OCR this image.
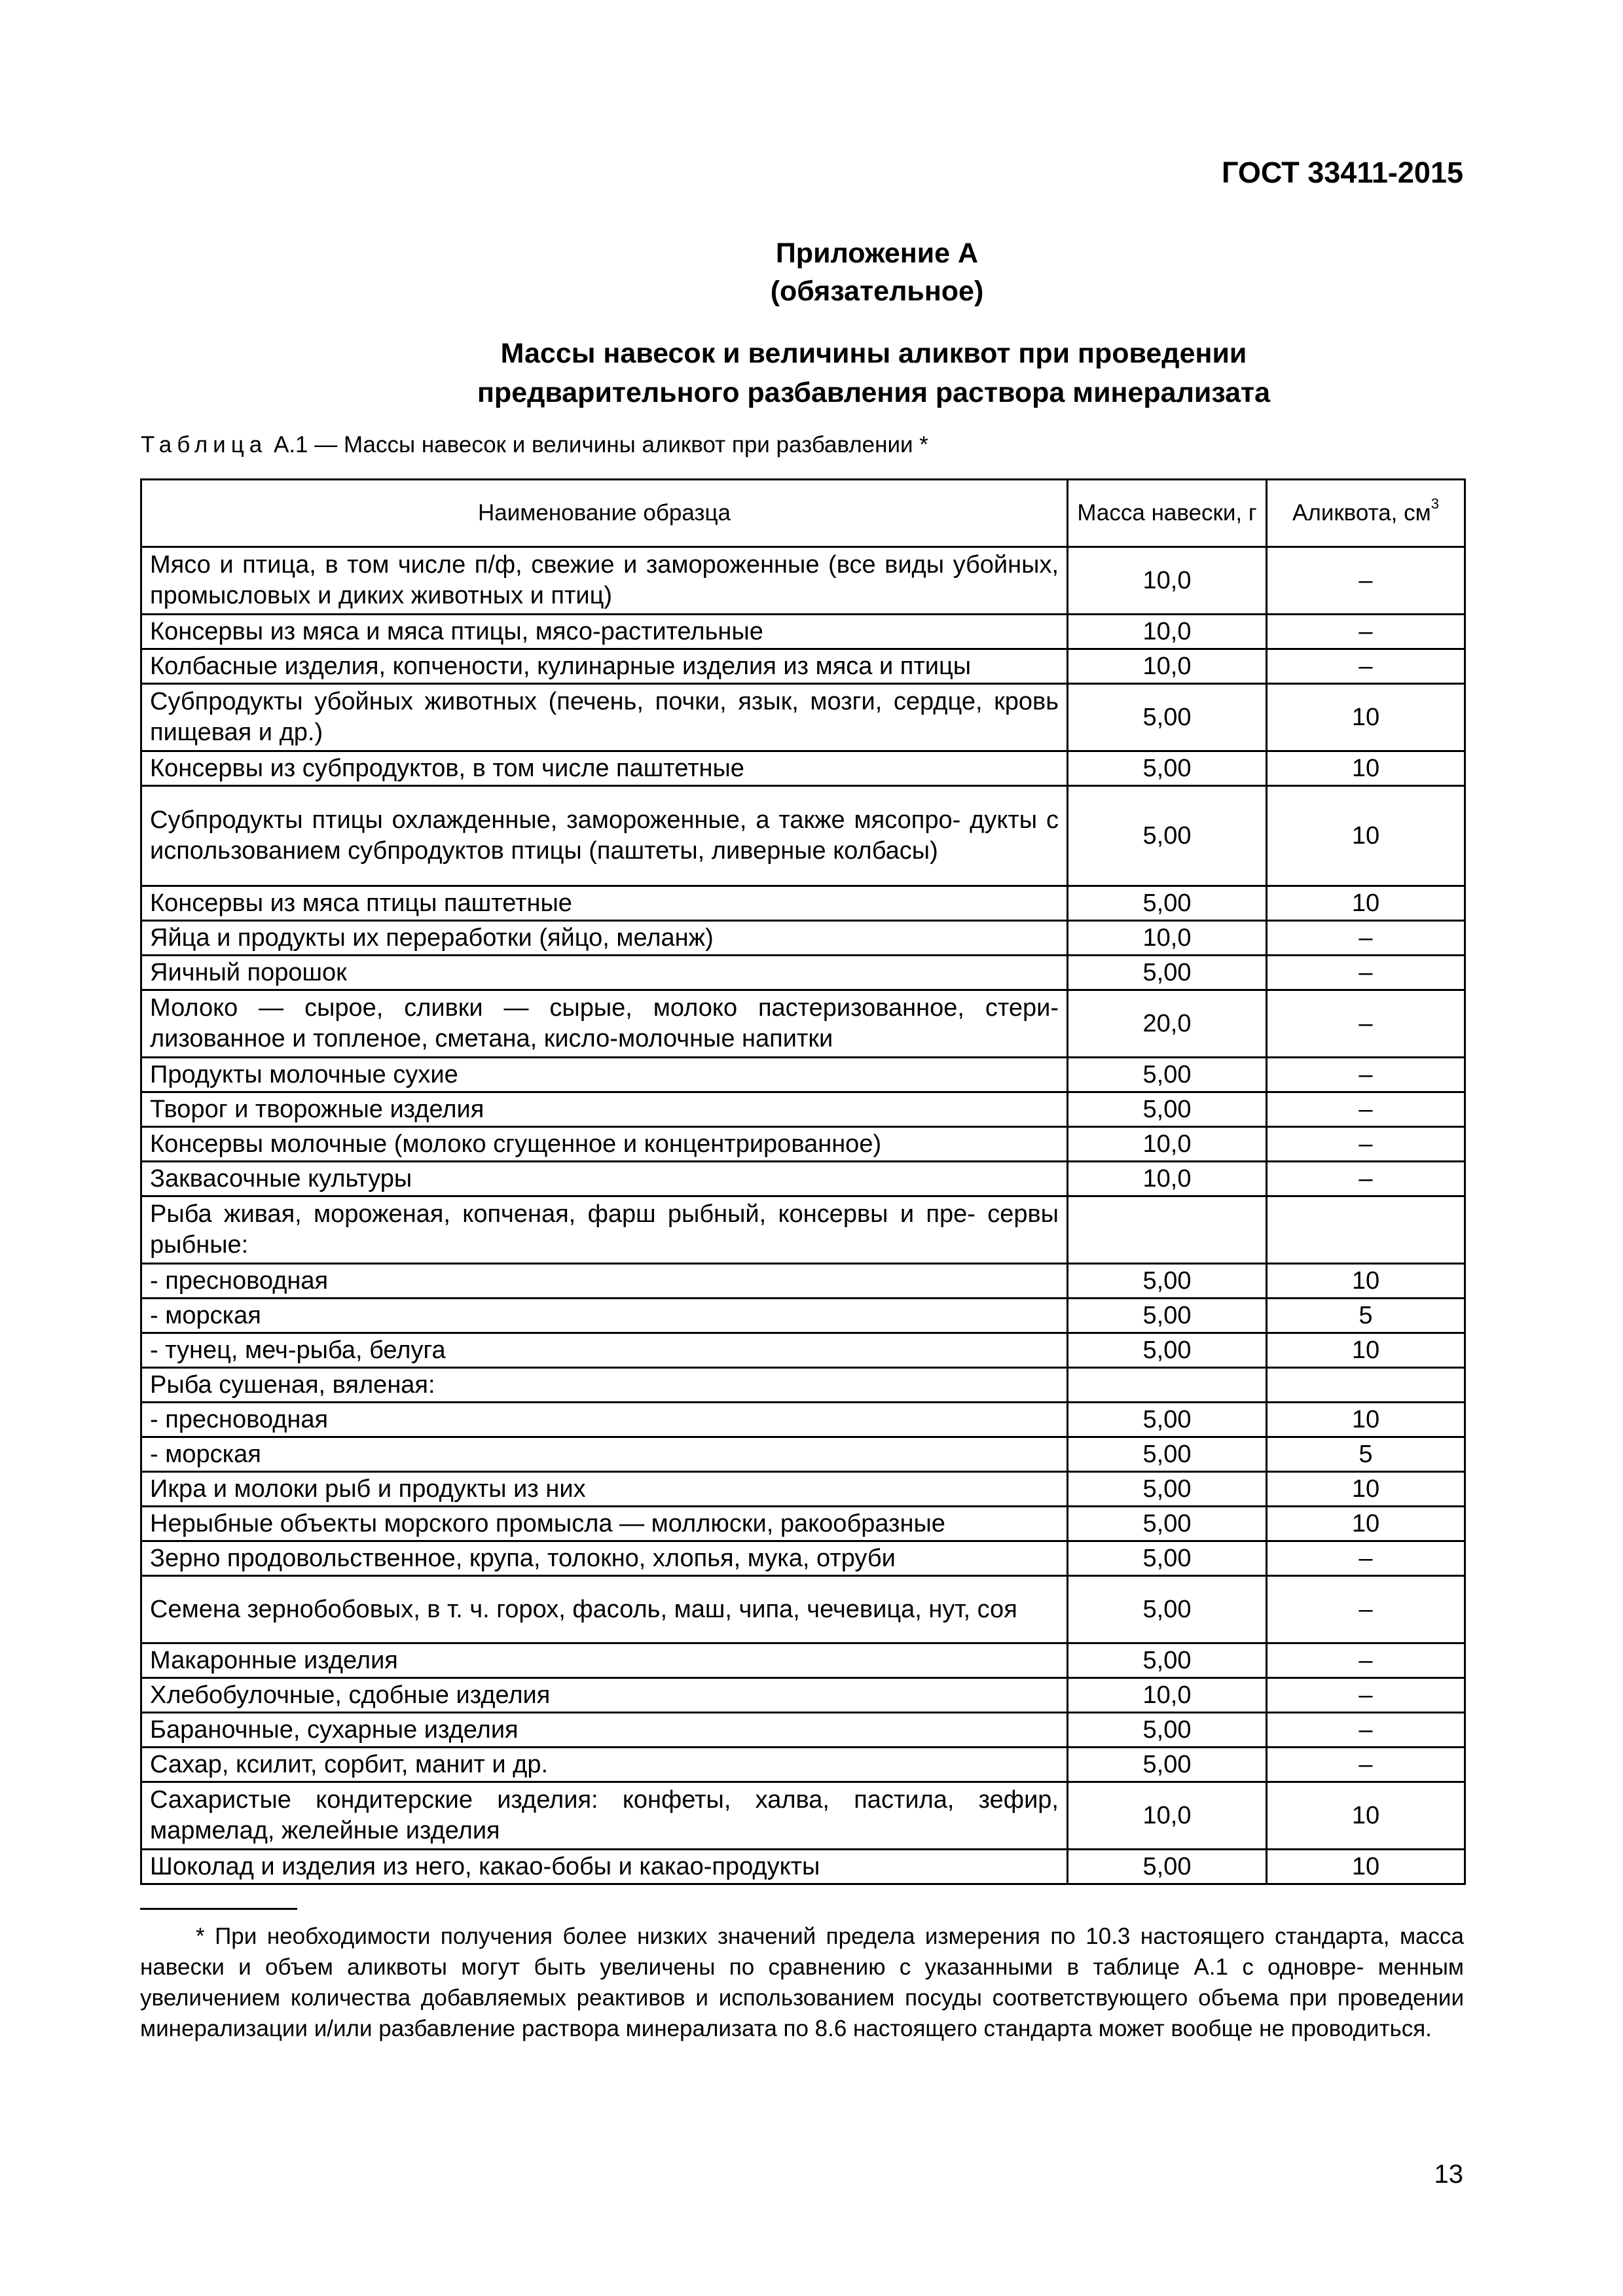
ГОСТ 33411-2015
Приложение А
(обязательное)
Массы навесок и величины аликвот при проведении
предварительного разбавления раствора минерализата
Таблица А.1 — Массы навесок и величины аликвот при разбавлении *
Наименование образца	Масса навески, г	Аликвота, $см^3$
Мясо и птица, в том числе п/ф, свежие и замороженные (все виды убойных, промысловых и диких животных и птиц)	10,0	–
Консервы из мяса и мяса птицы, мясо-растительные	10,0	–
Колбасные изделия, копчености, кулинарные изделия из мяса и птицы	10,0	–
Субпродукты убойных животных (печень, почки, язык, мозги, сердце, кровь пищевая и др.)	5,00	10
Консервы из субпродуктов, в том числе паштетные	5,00	10
Субпродукты птицы охлажденные, замороженные, а также мясопро- дукты с использованием субпродуктов птицы (паштеты, ливерные колбасы)	5,00	10
Консервы из мяса птицы паштетные	5,00	10
Яйца и продукты их переработки (яйцо, меланж)	10,0	–
Яичный порошок	5,00	–
Молоко — сырое, сливки — сырые, молоко пастеризованное, стери- лизованное и топленое, сметана, кисло-молочные напитки	20,0	–
Продукты молочные сухие	5,00	–
Творог и творожные изделия	5,00	–
Консервы молочные (молоко сгущенное и концентрированное)	10,0	–
Заквасочные культуры	10,0	–
Рыба живая, мороженая, копченая, фарш рыбный, консервы и пре- сервы рыбные:		
- пресноводная	5,00	10
- морская	5,00	5
- тунец, меч-рыба, белуга	5,00	10
Рыба сушеная, вяленая:		
- пресноводная	5,00	10
- морская	5,00	5
Икра и молоки рыб и продукты из них	5,00	10
Нерыбные объекты морского промысла — моллюски, ракообразные	5,00	10
Зерно продовольственное, крупа, толокно, хлопья, мука, отруби	5,00	–
Семена зернобобовых, в т. ч. горох, фасоль, маш, чипа, чечевица, нут, соя	5,00	–
Макаронные изделия	5,00	–
Хлебобулочные, сдобные изделия	10,0	–
Бараночные, сухарные изделия	5,00	–
Сахар, ксилит, сорбит, манит и др.	5,00	–
Сахаристые кондитерские изделия: конфеты, халва, пастила, зефир, мармелад, желейные изделия	10,0	10
Шоколад и изделия из него, какао-бобы и какао-продукты	5,00	10
* При необходимости получения более низких значений предела измерения по 10.3 настоящего стандарта, масса навески и объем аликвоты могут быть увеличены по сравнению с указанными в таблице А.1 с одновре- менным увеличением количества добавляемых реактивов и использованием посуды соответствующего объема при проведении минерализации и/или разбавление раствора минерализата по 8.6 настоящего стандарта может вообще не проводиться.
13
